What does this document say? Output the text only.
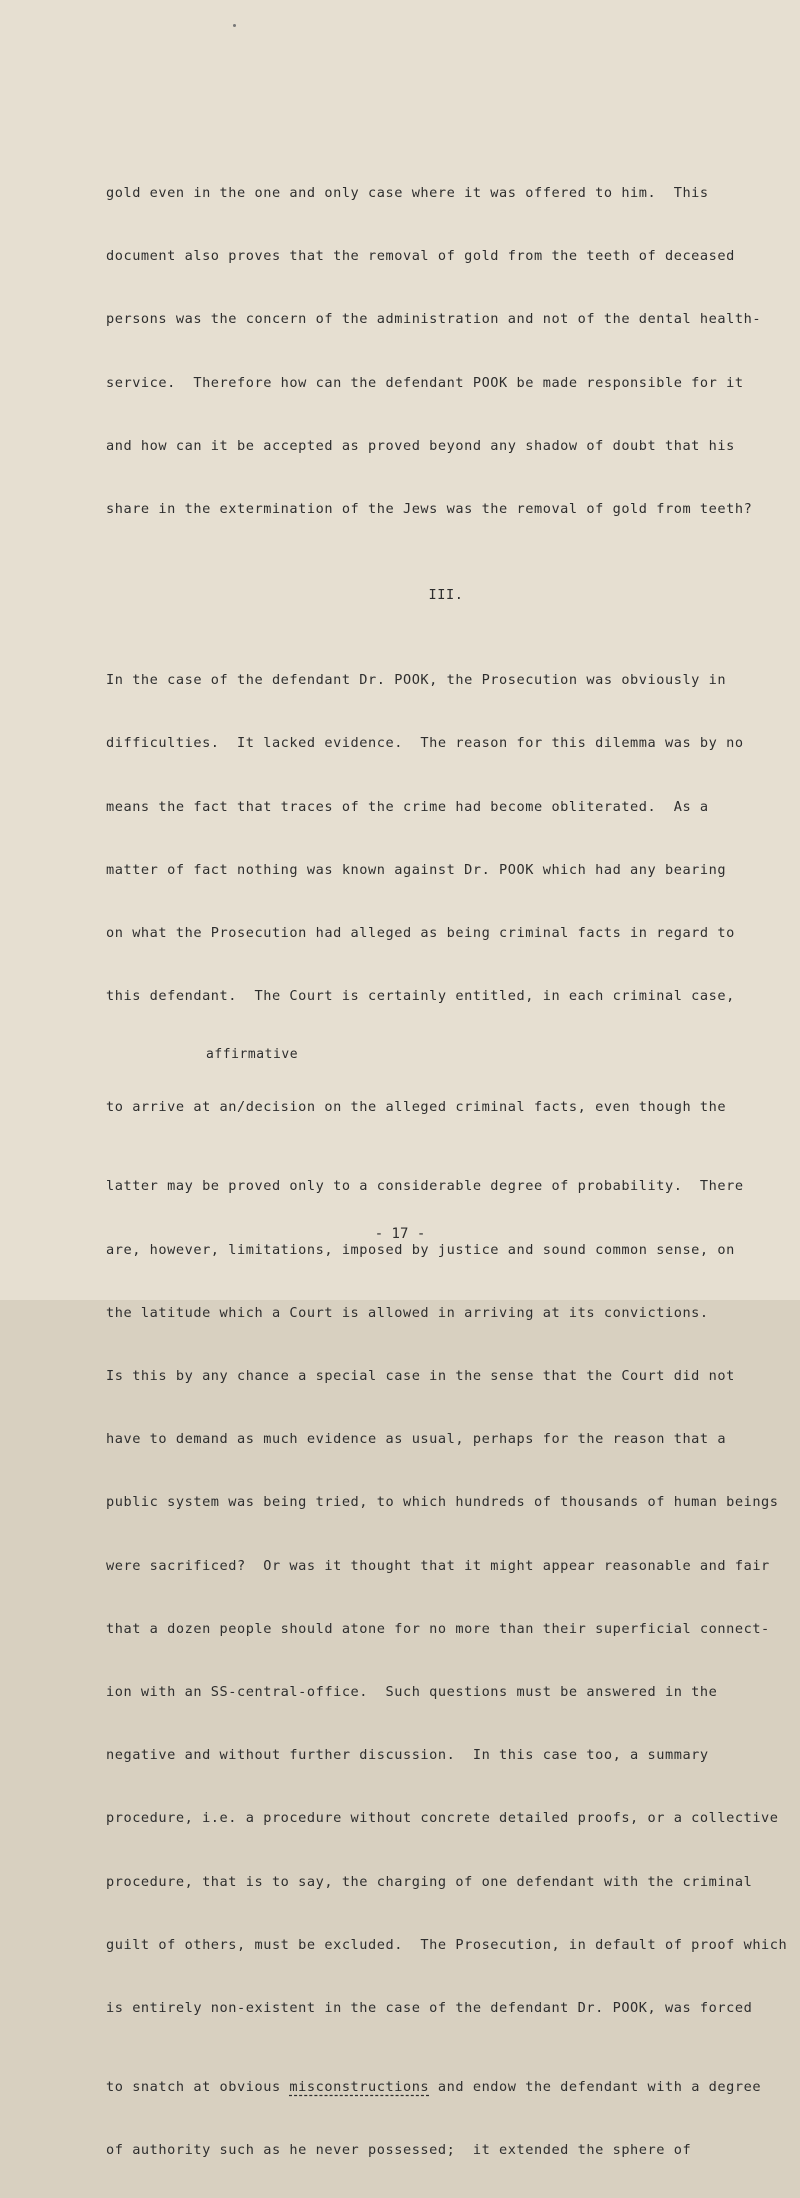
gold even in the one and only case where it was offered to him.  This

document also proves that the removal of gold from the teeth of deceased

persons was the concern of the administration and not of the dental health-

service.  Therefore how can the defendant POOK be made responsible for it

and how can it be accepted as proved beyond any shadow of doubt that his

share in the extermination of the Jews was the removal of gold from teeth?

III.

In the case of the defendant Dr. POOK, the Prosecution was obviously in

difficulties.  It lacked evidence.  The reason for this dilemma was by no

means the fact that traces of the crime had become obliterated.  As a

matter of fact nothing was known against Dr. POOK which had any bearing

on what the Prosecution had alleged as being criminal facts in regard to

this defendant.  The Court is certainly entitled, in each criminal case,

affirmative

to arrive at an/decision on the alleged criminal facts, even though the

latter may be proved only to a considerable degree of probability.  There

are, however, limitations, imposed by justice and sound common sense, on

the latitude which a Court is allowed in arriving at its convictions.

Is this by any chance a special case in the sense that the Court did not

have to demand as much evidence as usual, perhaps for the reason that a

public system was being tried, to which hundreds of thousands of human beings

were sacrificed?  Or was it thought that it might appear reasonable and fair

that a dozen people should atone for no more than their superficial connect-

ion with an SS-central-office.  Such questions must be answered in the

negative and without further discussion.  In this case too, a summary

procedure, i.e. a procedure without concrete detailed proofs, or a collective

procedure, that is to say, the charging of one defendant with the criminal

guilt of others, must be excluded.  The Prosecution, in default of proof which

is entirely non-existent in the case of the defendant Dr. POOK, was forced

to snatch at obvious misconstructions and endow the defendant with a degree

of authority such as he never possessed;  it extended the sphere of

- 17 -
